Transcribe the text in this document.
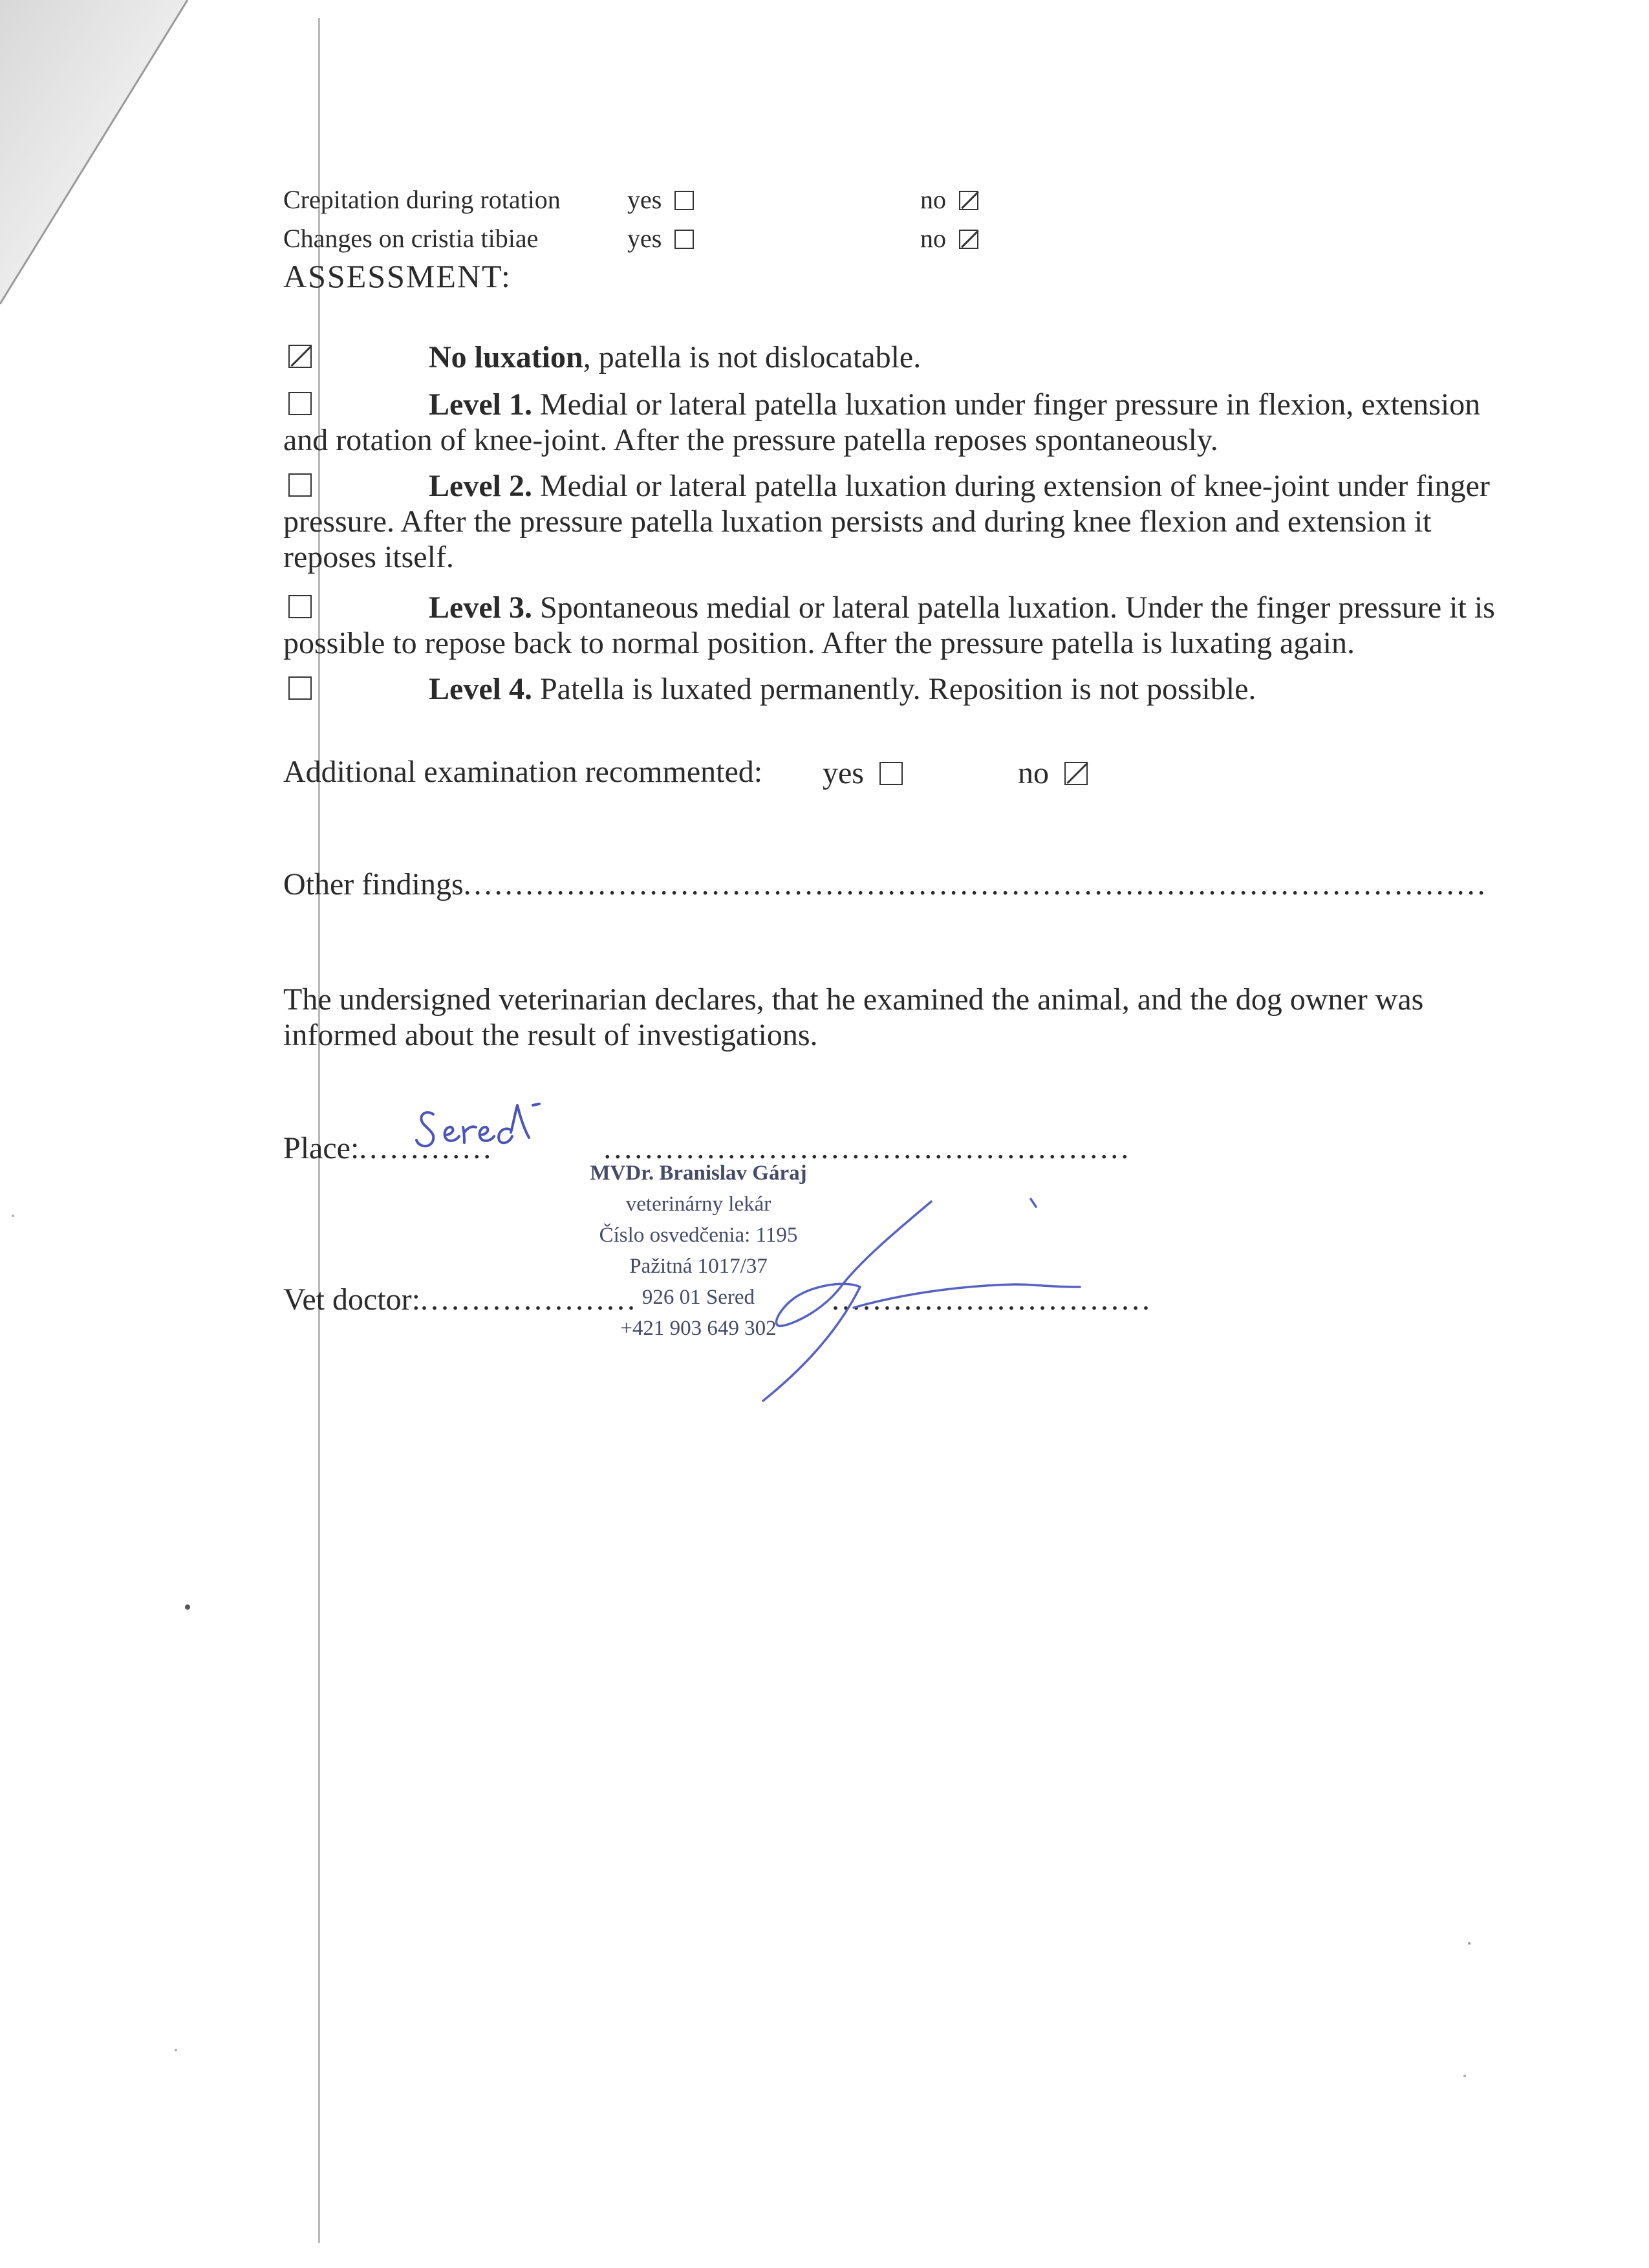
Crepitation during rotation	yes	no
Changes on cristia tibiae	yes	no
ASSESSMENT:
No luxation, patella is not dislocatable.
Level 1. Medial or lateral patella luxation under finger pressure in flexion, extension and rotation of knee-joint. After the pressure patella reposes spontaneously.
Level 2. Medial or lateral patella luxation during extension of knee-joint under finger pressure. After the pressure patella luxation persists and during knee flexion and extension it reposes itself.
Level 3. Spontaneous medial or lateral patella luxation. Under the finger pressure it is possible to repose back to normal position. After the pressure patella is luxating again.
Level 4. Patella is luxated permanently. Reposition is not possible.
Additional examination recommented: yes	no
Other findings...................................................................................................
The undersigned veterinarian declares, that he examined the animal, and the dog owner was informed about the result of investigations.
Place:.............	...................................................
MVDr. Branislav Gáraj
veterinárny lekár
Číslo osvedčenia: 1195
Pažitná 1017/37
926 01 Sered
+421 903 649 302
Vet doctor:.....................	...............................
